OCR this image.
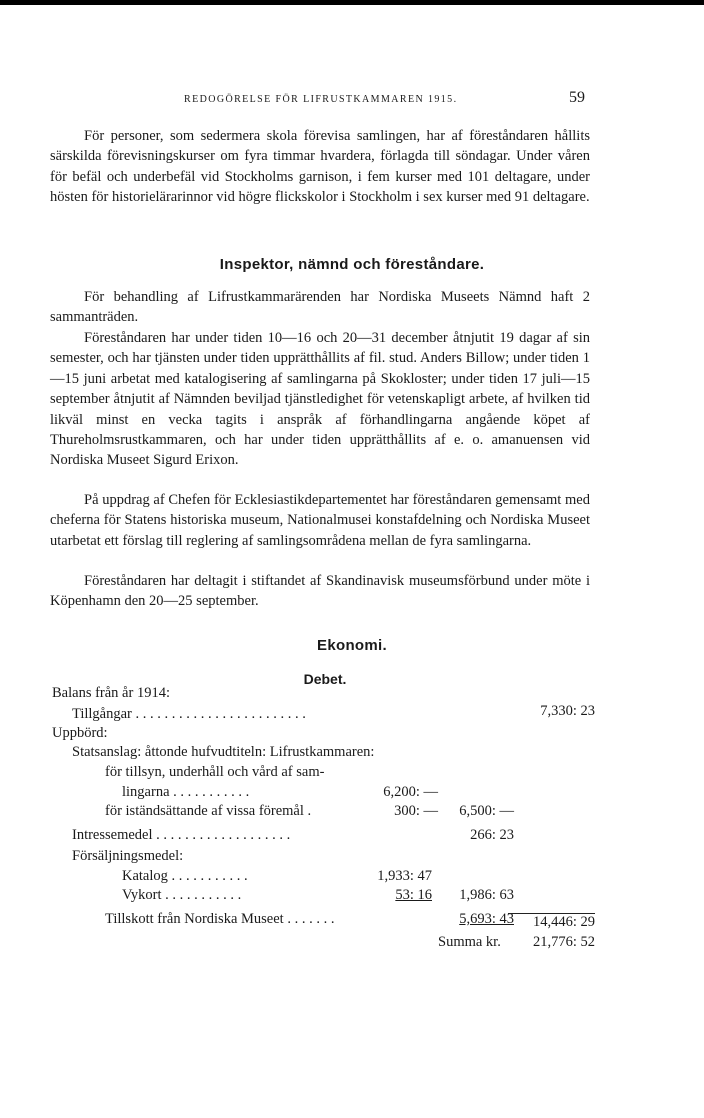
REDOGÖRELSE FÖR LIFRUSTKAMMAREN 1915.	59

För personer, som sedermera skola förevisa samlingen, har af föreståndaren hållits särskilda förevisningskurser om fyra timmar hvardera, förlagda till söndagar. Under våren för befäl och underbefäl vid Stockholms garnison, i fem kurser med 101 deltagare, under hösten för historielärarinnor vid högre flickskolor i Stockholm i sex kurser med 91 deltagare.

Inspektor, nämnd och föreståndare.

För behandling af Lifrustkammarärenden har Nordiska Museets Nämnd haft 2 sammanträden.

Föreståndaren har under tiden 10—16 och 20—31 december åtnjutit 19 dagar af sin semester, och har tjänsten under tiden upprätthållits af fil. stud. Anders Billow; under tiden 1—15 juni arbetat med katalogisering af samlingarna på Skokloster; under tiden 17 juli—15 september åtnjutit af Nämnden beviljad tjänstledighet för vetenskapligt arbete, af hvilken tid likväl minst en vecka tagits i anspråk af förhandlingarna angående köpet af Thureholmsrustkammaren, och har under tiden upprätthållits af e. o. amanuensen vid Nordiska Museet Sigurd Erixon.

På uppdrag af Chefen för Ecklesiastikdepartementet har föreståndaren gemensamt med cheferna för Statens historiska museum, Nationalmusei konstafdelning och Nordiska Museet utarbetat ett förslag till reglering af samlingsområdena mellan de fyra samlingarna.

Föreståndaren har deltagit i stiftandet af Skandinavisk museumsförbund under möte i Köpenhamn den 20—25 september.

Ekonomi.
Debet.
Balans från år 1914:
Tillgångar . . . . . . . . . . . . . . . . . . . . . . . .	7,330: 23
Uppbörd:
Statsanslag: åttonde hufvudtiteln: Lifrustkammaren:
för tillsyn, underhåll och vård af sam-
lingarna . . . . . . . . . . .	6,200: —
för iständsättande af vissa föremål .	300: —	6,500: —
Intressemedel . . . . . . . . . . . . . . . . . . .	266: 23
Försäljningsmedel:
Katalog . . . . . . . . . . .	1,933: 47
Vykort . . . . . . . . . . .	53: 16	1,986: 63
Tillskott från Nordiska Museet . . . . . . .	5,693: 43	14,446: 29
Summa kr.	21,776: 52
